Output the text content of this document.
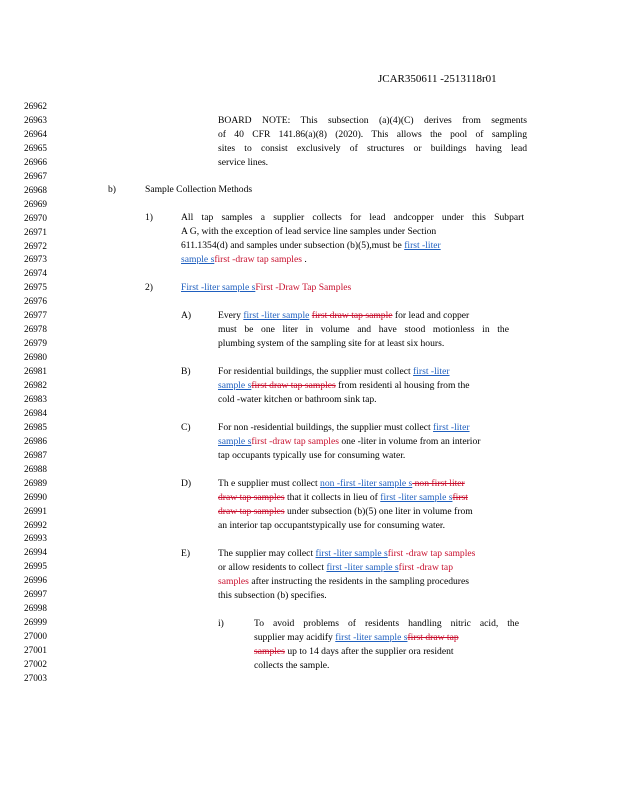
JCAR350611 -2513118r01
26962
26963
26964
26965
26966
26967
26968
26969
26970
26971
26972
26973
26974
26975
26976
26977
26978
26979
26980
26981
26982
26983
26984
26985
26986
26987
26988
26989
26990
26991
26992
26993
26994
26995
26996
26997
26998
26999
27000
27001
27002
27003
BOARD NOTE: This subsection (a)(4)(C) derives from segments
of 40 CFR 141.86(a)(8) (2020). This allows the pool of sampling
sites to consist exclusively of structures or buildings having lead
service lines.
b)	Sample Collection Methods
1)	All tap samples a supplier collects for lead andcopper under this Subpart
A G, with the exception of lead service line samples under Section
611.1354(d) and samples under subsection (b)(5),must be first -liter
sample sfirst -draw tap samples .
2)	First -liter sample sFirst -Draw Tap Samples
A)	Every first -liter sample first draw tap sample for lead and copper
must be one liter in volume and have stood motionless in the
plumbing system of the sampling site for at least six hours.
B)	For residential buildings, the supplier must collect first -liter
sample sfirst draw tap samples from residenti al housing from the
cold -water kitchen or bathroom sink tap.
C)	For non -residential buildings, the supplier must collect first -liter
sample sfirst -draw tap samples one -liter in volume from an interior
tap occupants typically use for consuming water.
D)	Th e supplier must collect non -first -liter sample s non first liter
draw tap samples that it collects in lieu of first -liter sample sfirst
draw tap samples under subsection (b)(5) one liter in volume from
an interior tap occupantstypically use for consuming water.
E)	The supplier may collect first -liter sample sfirst -draw tap samples
or allow residents to collect first -liter sample sfirst -draw tap
samples after instructing the residents in the sampling procedures
this subsection (b) specifies.
i)	To avoid problems of residents handling nitric acid, the
supplier may acidify first -liter sample sfirst draw tap
samples up to 14 days after the supplier ora resident
collects the sample.
